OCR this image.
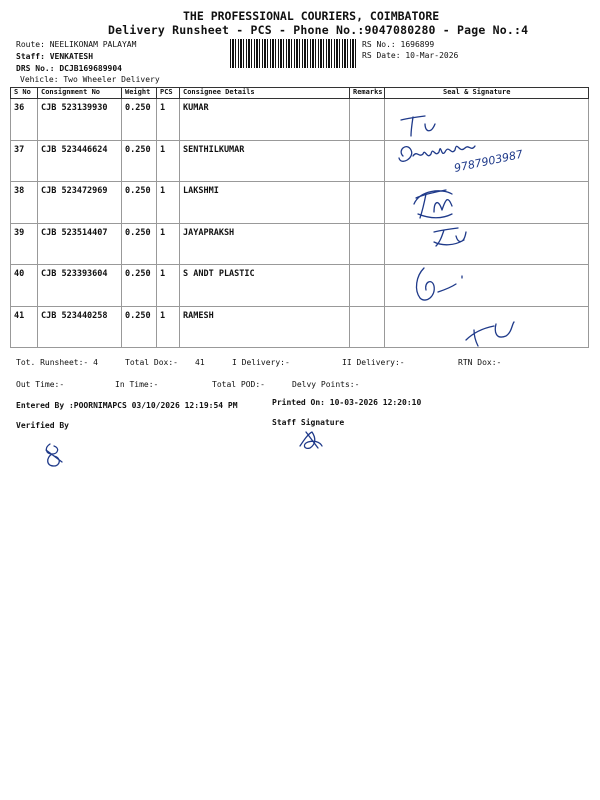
THE PROFESSIONAL COURIERS, COIMBATORE
Delivery Runsheet - PCS - Phone No.:9047080280 - Page No.:4
Route: NEELIKONAM PALAYAM
Staff: VENKATESH
DRS No.: DCJB169689904
Vehicle: Two Wheeler Delivery
RS No.: 1696899
RS Date: 10-Mar-2026
S No	Consignment No	Weight	PCS	Consignee Details	Remarks	Seal & Signature
36	CJB 523139930	0.250	1	KUMAR		
37	CJB 523446624	0.250	1	SENTHILKUMAR		
38	CJB 523472969	0.250	1	LAKSHMI		
39	CJB 523514407	0.250	1	JAYAPRAKSH		
40	CJB 523393604	0.250	1	S ANDT PLASTIC		
41	CJB 523440258	0.250	1	RAMESH		
9787903987
Tot. Runsheet:- 4	Total Dox:- 41	I Delivery:-	II Delivery:-	RTN Dox:-
Out Time:-	In Time:-	Total POD:-	Delvy Points:-
Entered By :POORNIMAPCS 03/10/2026 12:19:54 PM	Printed On: 10-03-2026 12:20:10
Verified By	Staff Signature
